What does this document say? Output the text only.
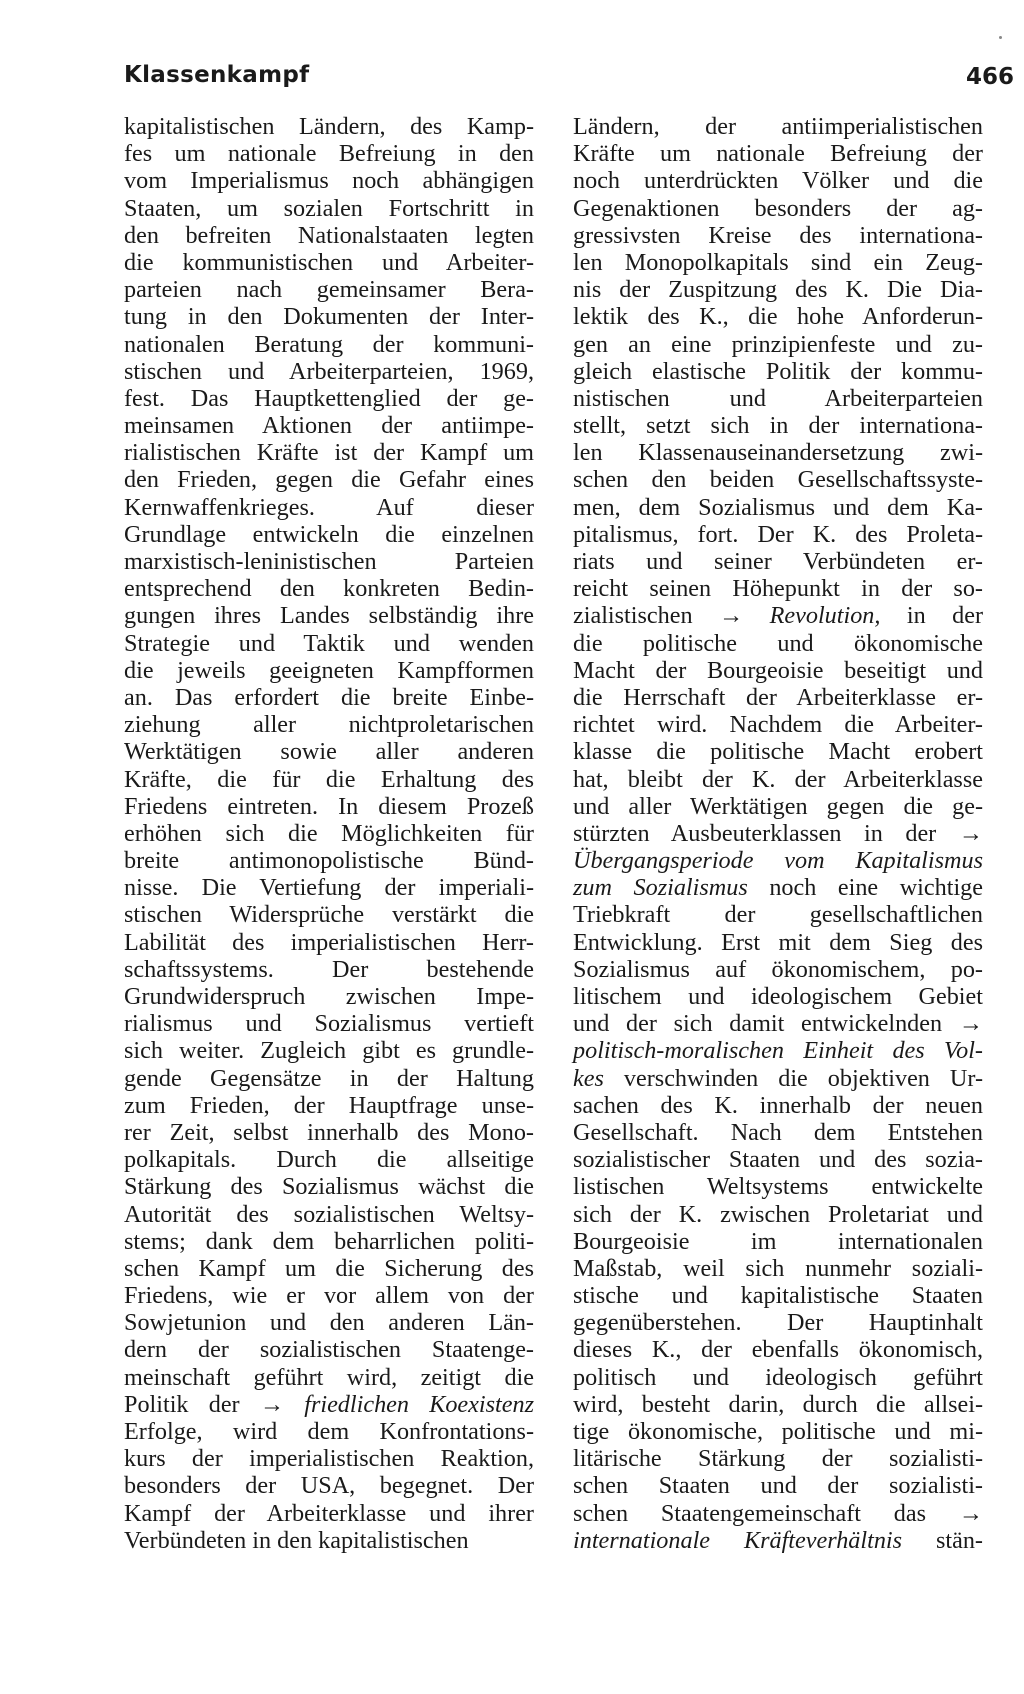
Klassenkampf	466
kapitalistischen Ländern, des Kamp-
fes um nationale Befreiung in den
vom Imperialismus noch abhängigen
Staaten, um sozialen Fortschritt in
den befreiten Nationalstaaten legten
die kommunistischen und Arbeiter-
parteien nach gemeinsamer Bera-
tung in den Dokumenten der Inter-
nationalen Beratung der kommuni-
stischen und Arbeiterparteien, 1969,
fest. Das Hauptkettenglied der ge-
meinsamen Aktionen der antiimpe-
rialistischen Kräfte ist der Kampf um
den Frieden, gegen die Gefahr eines
Kernwaffenkrieges. Auf dieser
Grundlage entwickeln die einzelnen
marxistisch-leninistischen Parteien
entsprechend den konkreten Bedin-
gungen ihres Landes selbständig ihre
Strategie und Taktik und wenden
die jeweils geeigneten Kampfformen
an. Das erfordert die breite Einbe-
ziehung aller nichtproletarischen
Werktätigen sowie aller anderen
Kräfte, die für die Erhaltung des
Friedens eintreten. In diesem Prozeß
erhöhen sich die Möglichkeiten für
breite antimonopolistische Bünd-
nisse. Die Vertiefung der imperiali-
stischen Widersprüche verstärkt die
Labilität des imperialistischen Herr-
schaftssystems. Der bestehende
Grundwiderspruch zwischen Impe-
rialismus und Sozialismus vertieft
sich weiter. Zugleich gibt es grundle-
gende Gegensätze in der Haltung
zum Frieden, der Hauptfrage unse-
rer Zeit, selbst innerhalb des Mono-
polkapitals. Durch die allseitige
Stärkung des Sozialismus wächst die
Autorität des sozialistischen Weltsy-
stems; dank dem beharrlichen politi-
schen Kampf um die Sicherung des
Friedens, wie er vor allem von der
Sowjetunion und den anderen Län-
dern der sozialistischen Staatenge-
meinschaft geführt wird, zeitigt die
Politik der → friedlichen Koexistenz
Erfolge, wird dem Konfrontations-
kurs der imperialistischen Reaktion,
besonders der USA, begegnet. Der
Kampf der Arbeiterklasse und ihrer
Verbündeten in den kapitalistischen
Ländern, der antiimperialistischen
Kräfte um nationale Befreiung der
noch unterdrückten Völker und die
Gegenaktionen besonders der ag-
gressivsten Kreise des internationa-
len Monopolkapitals sind ein Zeug-
nis der Zuspitzung des K. Die Dia-
lektik des K., die hohe Anforderun-
gen an eine prinzipienfeste und zu-
gleich elastische Politik der kommu-
nistischen und Arbeiterparteien
stellt, setzt sich in der internationa-
len Klassenauseinandersetzung zwi-
schen den beiden Gesellschaftssyste-
men, dem Sozialismus und dem Ka-
pitalismus, fort. Der K. des Proleta-
riats und seiner Verbündeten er-
reicht seinen Höhepunkt in der so-
zialistischen → Revolution, in der
die politische und ökonomische
Macht der Bourgeoisie beseitigt und
die Herrschaft der Arbeiterklasse er-
richtet wird. Nachdem die Arbeiter-
klasse die politische Macht erobert
hat, bleibt der K. der Arbeiterklasse
und aller Werktätigen gegen die ge-
stürzten Ausbeuterklassen in der →
Übergangsperiode vom Kapitalismus
zum Sozialismus noch eine wichtige
Triebkraft der gesellschaftlichen
Entwicklung. Erst mit dem Sieg des
Sozialismus auf ökonomischem, po-
litischem und ideologischem Gebiet
und der sich damit entwickelnden →
politisch-moralischen Einheit des Vol-
kes verschwinden die objektiven Ur-
sachen des K. innerhalb der neuen
Gesellschaft. Nach dem Entstehen
sozialistischer Staaten und des sozia-
listischen Weltsystems entwickelte
sich der K. zwischen Proletariat und
Bourgeoisie im internationalen
Maßstab, weil sich nunmehr soziali-
stische und kapitalistische Staaten
gegenüberstehen. Der Hauptinhalt
dieses K., der ebenfalls ökonomisch,
politisch und ideologisch geführt
wird, besteht darin, durch die allsei-
tige ökonomische, politische und mi-
litärische Stärkung der sozialisti-
schen Staaten und der sozialisti-
schen Staatengemeinschaft das →
internationale Kräfteverhältnis stän-
